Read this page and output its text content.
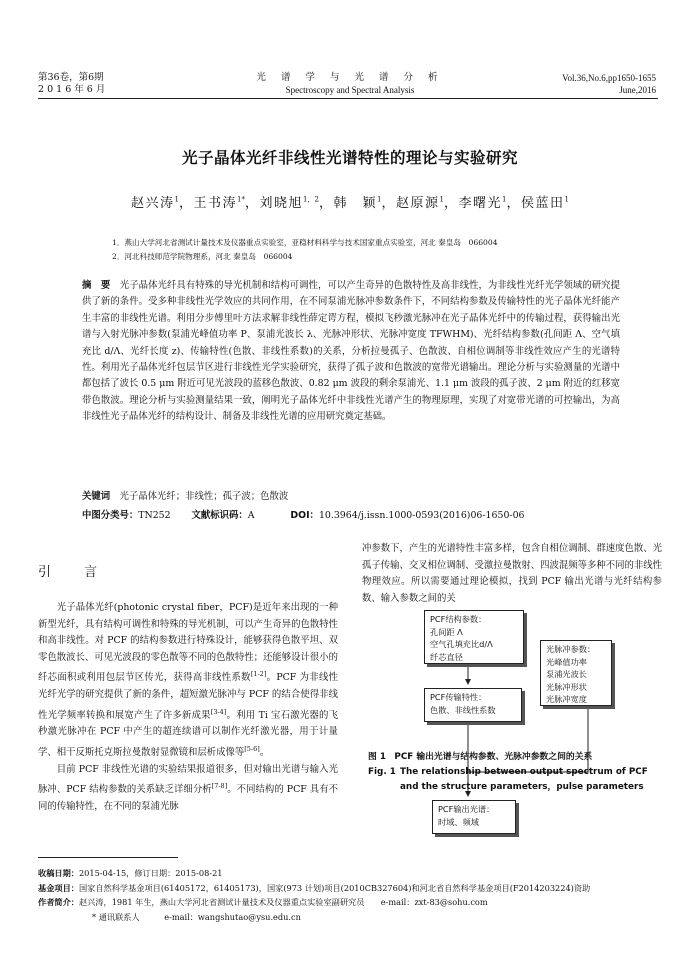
第36卷，第6期
2 0 1 6 年 6 月
光 谱 学 与 光 谱 分 析
Spectroscopy and Spectral Analysis
Vol.36,No.6,pp1650-1655
June,2016
光子晶体光纤非线性光谱特性的理论与实验研究
赵兴涛$^1$，王书涛$^{1*}$，刘晓旭$^{1,2}$，韩　颖$^1$，赵原源$^1$，李曙光$^1$，侯蓝田$^1$
1．燕山大学河北省测试计量技术及仪器重点实验室，亚稳材料科学与技术国家重点实验室，河北 秦皇岛　066004
2．河北科技师范学院物理系，河北 秦皇岛　066004
摘　要　 光子晶体光纤具有特殊的导光机制和结构可调性，可以产生奇异的色散特性及高非线性，为非线性光纤光学领域的研究提供了新的条件。受多种非线性光学效应的共同作用，在不同泵浦光脉冲参数条件下，不同结构参数及传输特性的光子晶体光纤能产生丰富的非线性光谱。利用分步傅里叶方法求解非线性薛定谔方程，模拟飞秒激光脉冲在光子晶体光纤中的传输过程，获得输出光谱与入射光脉冲参数(泵浦光峰值功率 P、泵浦光波长 λ、光脉冲形状、光脉冲宽度 TFWHM)、光纤结构参数(孔间距 Λ、空气填充比 d/Λ、光纤长度 z)、传输特性(色散、非线性系数)的关系，分析拉曼孤子、色散波、自相位调制等非线性效应产生的光谱特性。利用光子晶体光纤包层节区进行非线性光学实验研究，获得了孤子波和色散波的宽带光谱输出。理论分析与实验测量的光谱中都包括了波长 0.5 μm 附近可见光波段的蓝移色散波、0.82 μm 波段的剩余泵浦光、1.1 μm 波段的孤子波、2 μm 附近的红移宽带色散波。理论分析与实验测量结果一致，阐明光子晶体光纤中非线性光谱产生的物理原理，实现了对宽带光谱的可控输出，为高非线性光子晶体光纤的结构设计、制备及非线性光谱的应用研究奠定基础。
关键词　 光子晶体光纤；非线性；孤子波；色散波
中图分类号：TN252 文献标识码：A	DOI：10.3964/j.issn.1000-0593(2016)06-1650-06
引　言
光子晶体光纤(photonic crystal fiber，PCF)是近年来出现的一种新型光纤，具有结构可调性和特殊的导光机制，可以产生奇异的色散特性和高非线性。对 PCF 的结构参数进行特殊设计，能够获得色散平坦、双零色散波长、可见光波段的零色散等不同的色散特性；还能够设计很小的纤芯面积或利用包层节区传光，获得高非线性系数[1-2]。PCF 为非线性光纤光学的研究提供了新的条件，超短激光脉冲与 PCF 的结合使得非线性光学频率转换和展宽产生了许多新成果[3-4]。利用 Ti 宝石激光器的飞秒激光脉冲在 PCF 中产生的超连续谱可以制作光纤激光器，用于计量学、相干反斯托克斯拉曼散射显微镜和层析成像等[5-6]。
目前 PCF 非线性光谱的实验结果报道很多，但对输出光谱与输入光脉冲、PCF 结构参数的关系缺乏详细分析[7-8]。不同结构的 PCF 具有不同的传输特性，在不同的泵浦光脉
冲参数下，产生的光谱特性丰富多样，包含自相位调制、群速度色散、光孤子传输、交叉相位调制、受激拉曼散射、四波混频等多种不同的非线性物理效应。所以需要通过理论模拟，找到 PCF 输出光谱与光纤结构参数、输入参数之间的关
PCF结构参数：
孔间距 Λ
空气孔填充比d/Λ
纤芯直径
PCF传输特性：
色散、非线性系数
光脉冲参数：
光峰值功率
泵浦光波长
光脉冲形状
光脉冲宽度
PCF输出光谱：
时域、频域
图 1 PCF 输出光谱与结构参数、光脉冲参数之间的关系
Fig. 1 The relationship between output spectrum of PCF and the structure parameters，pulse parameters
收稿日期：2015-04-15，修订日期：2015-08-21
基金项目： 国家自然科学基金项目(61405172，61405173)，国家(973 计划)项目(2010CB327604)和河北省自然科学基金项目(F2014203224)资助
作者简介：赵兴涛，1981 年生，燕山大学河北省测试计量技术及仪器重点实验室副研究员　　e-mail：zxt-83@sohu.com
* 通讯联系人　　　	e-mail：wangshutao@ysu.edu.cn
